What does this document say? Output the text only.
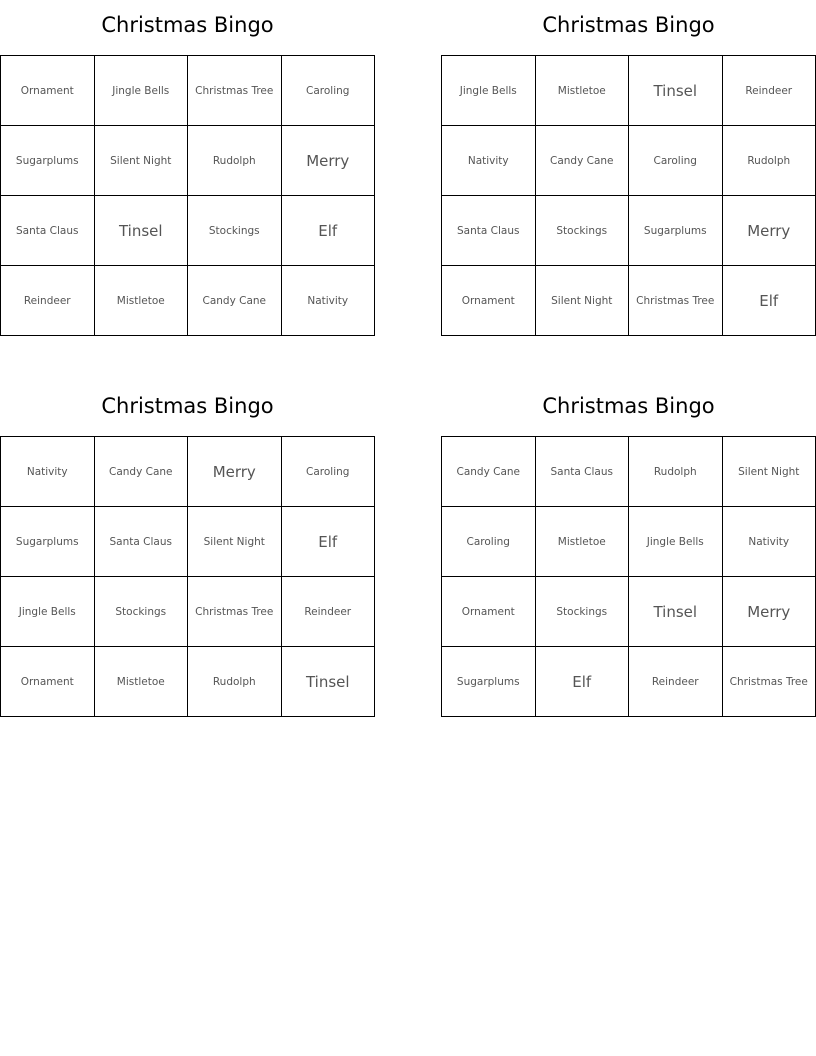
Christmas Bingo
Ornament	Jingle Bells	Christmas Tree	Caroling
Sugarplums	Silent Night	Rudolph	Merry
Santa Claus	Tinsel	Stockings	Elf
Reindeer	Mistletoe	Candy Cane	Nativity
Christmas Bingo
Jingle Bells	Mistletoe	Tinsel	Reindeer
Nativity	Candy Cane	Caroling	Rudolph
Santa Claus	Stockings	Sugarplums	Merry
Ornament	Silent Night	Christmas Tree	Elf
Christmas Bingo
Nativity	Candy Cane	Merry	Caroling
Sugarplums	Santa Claus	Silent Night	Elf
Jingle Bells	Stockings	Christmas Tree	Reindeer
Ornament	Mistletoe	Rudolph	Tinsel
Christmas Bingo
Candy Cane	Santa Claus	Rudolph	Silent Night
Caroling	Mistletoe	Jingle Bells	Nativity
Ornament	Stockings	Tinsel	Merry
Sugarplums	Elf	Reindeer	Christmas Tree
